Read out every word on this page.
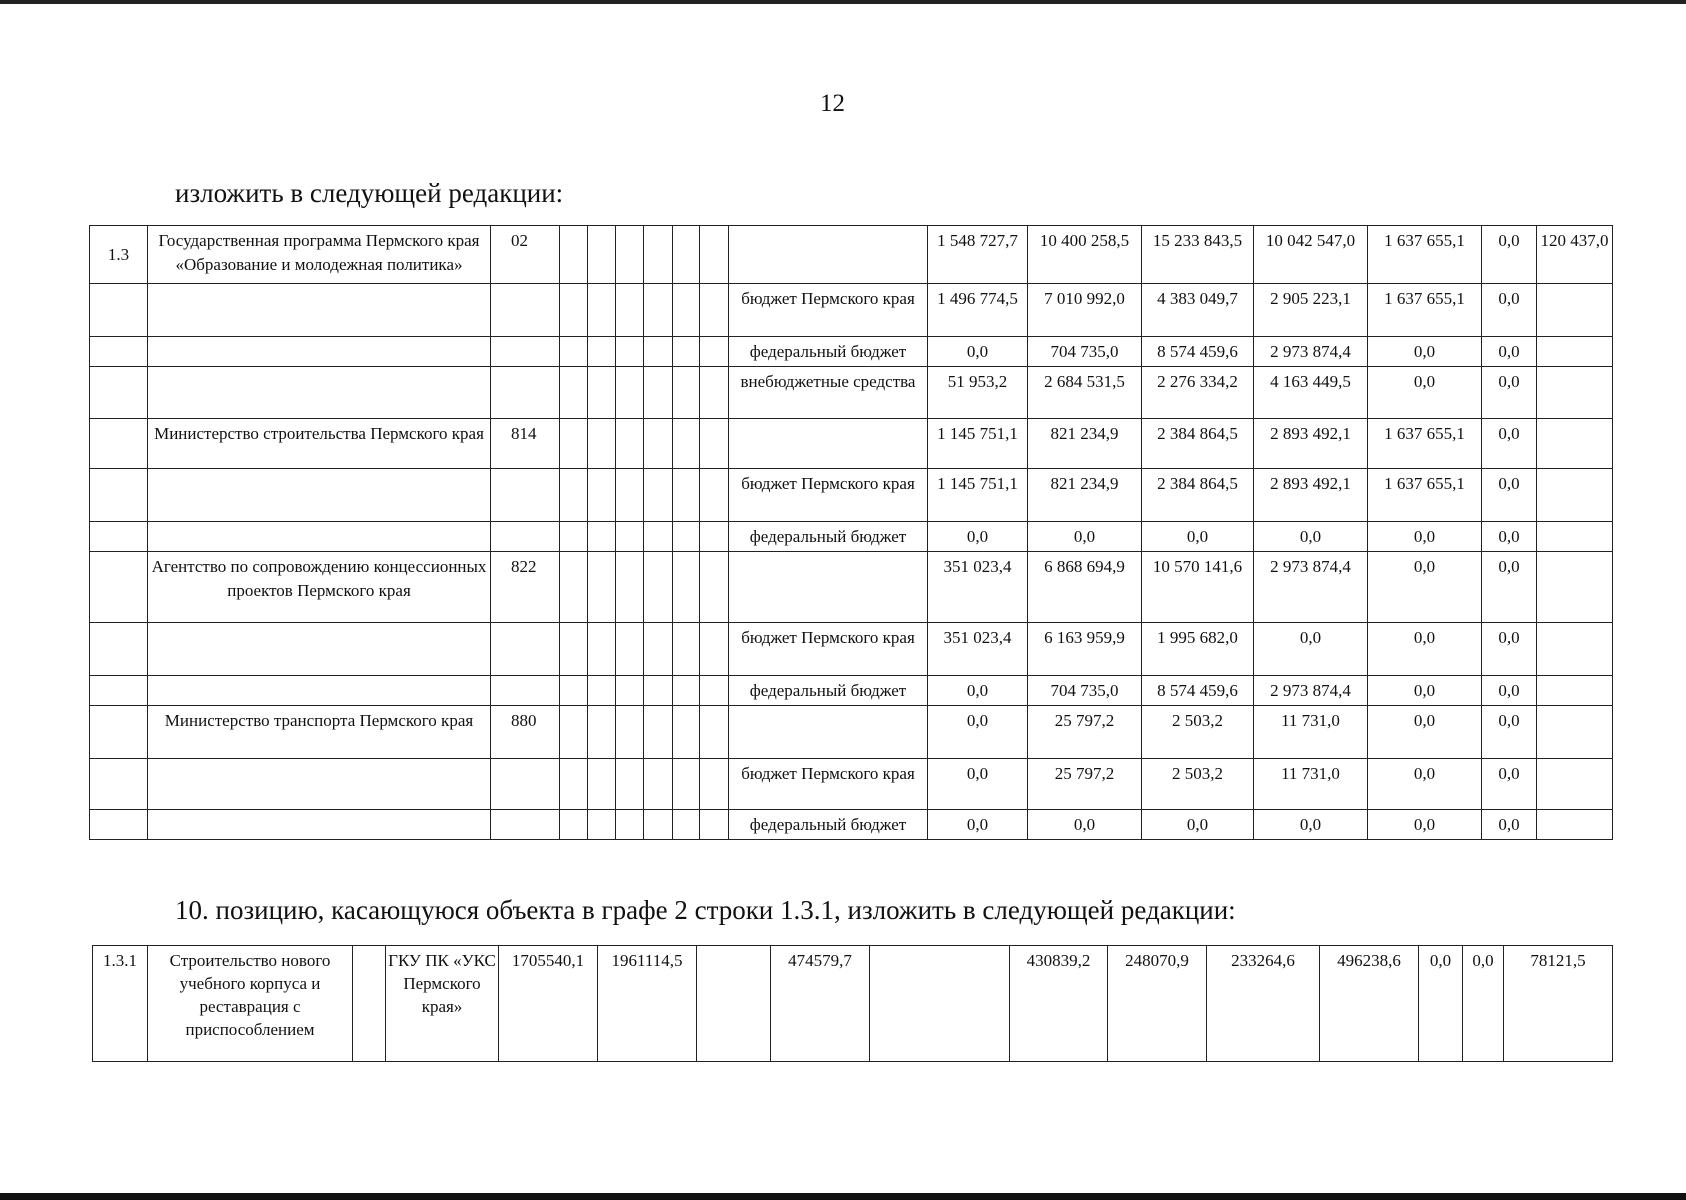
12
изложить в следующей редакции:
1.3	Государственная программа Пермского края «Образование и молодежная политика»	02								1 548 727,7	10 400 258,5	15 233 843,5	10 042 547,0	1 637 655,1	0,0	120 437,0
									бюджет Пермского края	1 496 774,5	7 010 992,0	4 383 049,7	2 905 223,1	1 637 655,1	0,0	
									федеральный бюджет	0,0	704 735,0	8 574 459,6	2 973 874,4	0,0	0,0	
									внебюджетные средства	51 953,2	2 684 531,5	2 276 334,2	4 163 449,5	0,0	0,0	
	Министерство строительства Пермского края	814								1 145 751,1	821 234,9	2 384 864,5	2 893 492,1	1 637 655,1	0,0	
									бюджет Пермского края	1 145 751,1	821 234,9	2 384 864,5	2 893 492,1	1 637 655,1	0,0	
									федеральный бюджет	0,0	0,0	0,0	0,0	0,0	0,0	
	Агентство по сопровождению концессионных проектов Пермского края	822								351 023,4	6 868 694,9	10 570 141,6	2 973 874,4	0,0	0,0	
									бюджет Пермского края	351 023,4	6 163 959,9	1 995 682,0	0,0	0,0	0,0	
									федеральный бюджет	0,0	704 735,0	8 574 459,6	2 973 874,4	0,0	0,0	
	Министерство транспорта Пермского края	880								0,0	25 797,2	2 503,2	11 731,0	0,0	0,0	
									бюджет Пермского края	0,0	25 797,2	2 503,2	11 731,0	0,0	0,0	
									федеральный бюджет	0,0	0,0	0,0	0,0	0,0	0,0	
10. позицию, касающуюся объекта в графе 2 строки 1.3.1, изложить в следующей редакции:
1.3.1	Строительство нового учебного корпуса и реставрация с приспособлением		ГКУ ПК «УКС Пермского края»	1705540,1	1961114,5		474579,7		430839,2	248070,9	233264,6	496238,6	0,0	0,0	78121,5
